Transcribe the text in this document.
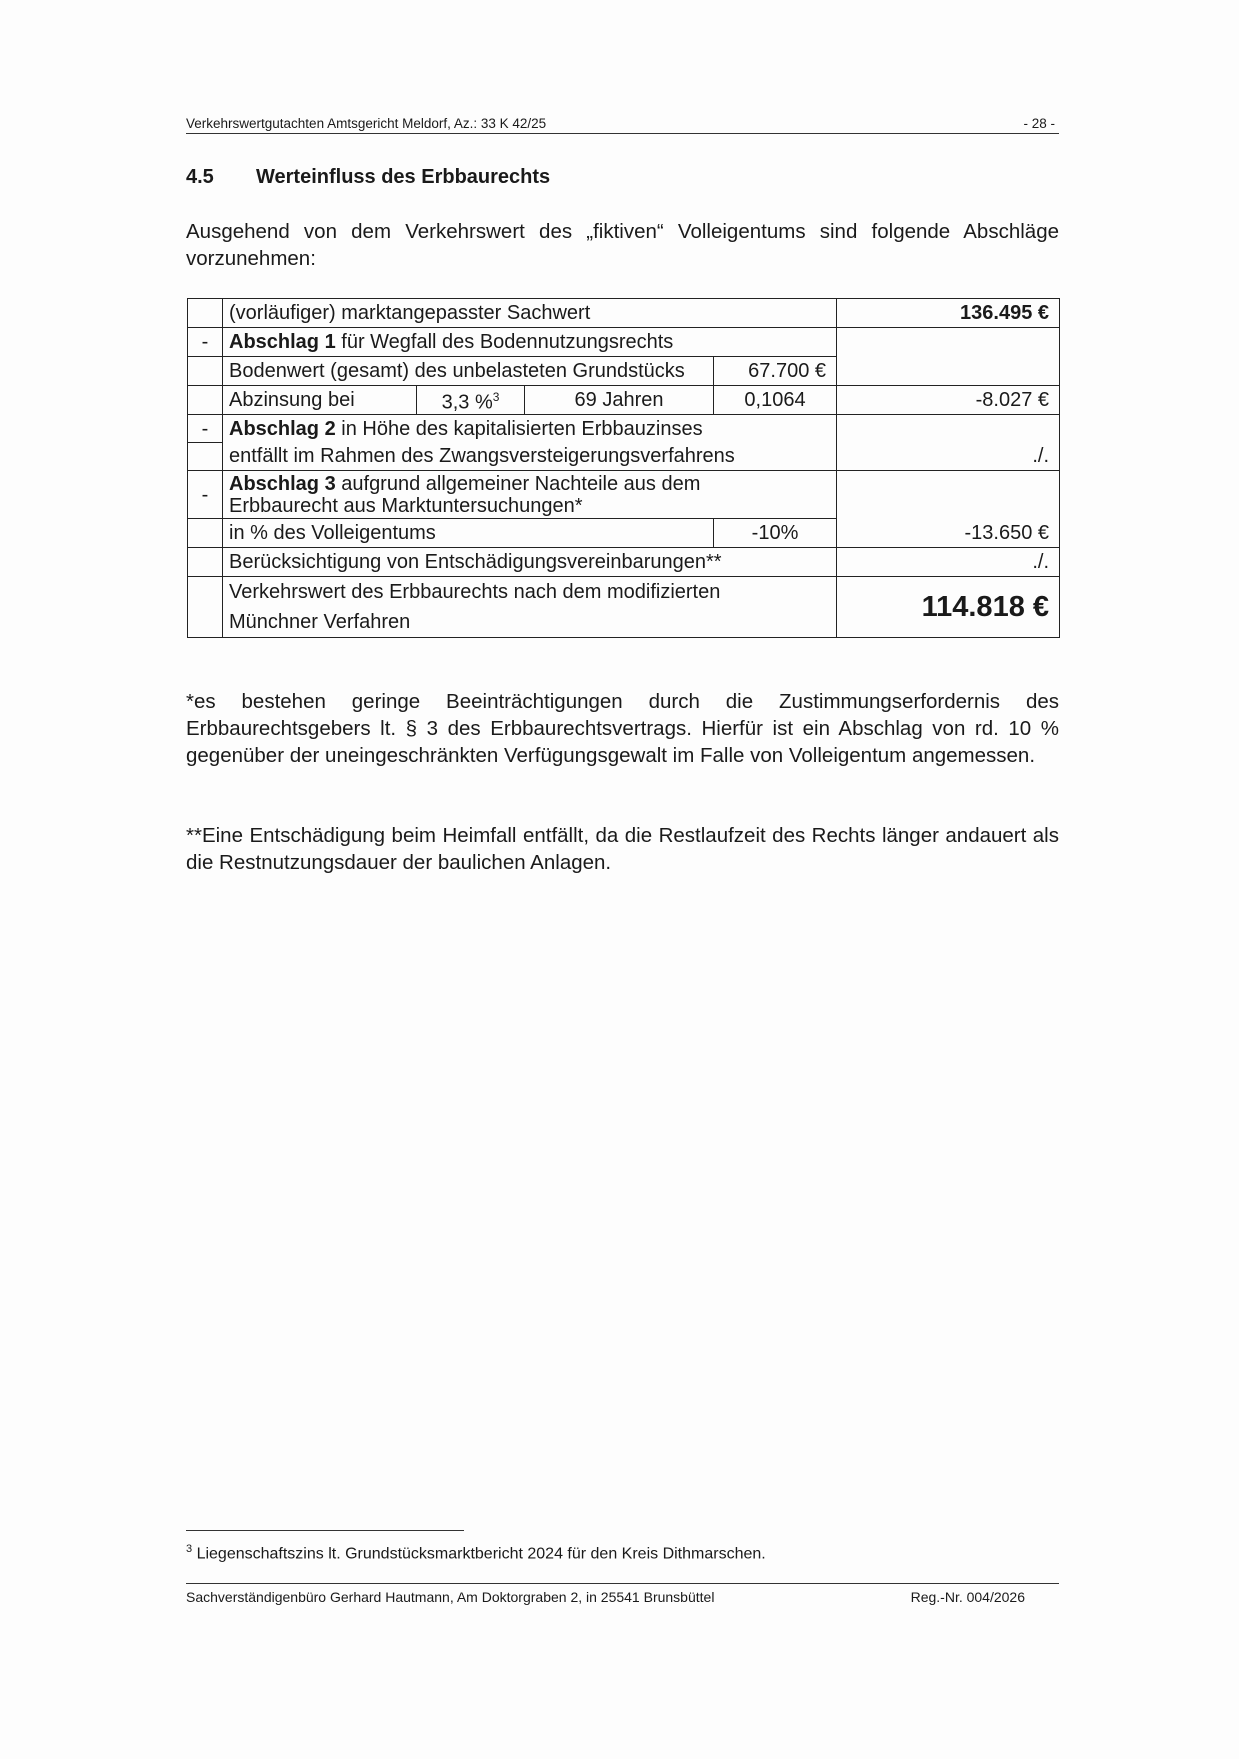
Verkehrswertgutachten Amtsgericht Meldorf, Az.: 33 K 42/25	- 28 -
4.5 Werteinfluss des Erbbaurechts

Ausgehend von dem Verkehrswert des „fiktiven“ Volleigentums sind folgende Abschläge vorzunehmen:

	(vorläufiger) marktangepasster Sachwert				136.495 €
-	Abschlag 1 für Wegfall des Bodennutzungsrechts				
	Bodenwert (gesamt) des unbelasteten Grundstücks			67.700 €	
	Abzinsung bei	3,3 %$^3$	69 Jahren	0,1064	-8.027 €
-	Abschlag 2 in Höhe des kapitalisierten Erbbauzinses				
	entfällt im Rahmen des Zwangsversteigerungsverfahrens				./.
-	Abschlag 3 aufgrund allgemeiner Nachteile aus dem
Erbbaurecht aus Marktuntersuchungen*				
	in % des Volleigentums			-10%	-13.650 €
	Berücksichtigung von Entschädigungsvereinbarungen**				./.
	Verkehrswert des Erbbaurechts nach dem modifizierten
Münchner Verfahren				114.818 €

*es bestehen geringe Beeinträchtigungen durch die Zustimmungserfordernis des Erbbaurechtsgebers lt. § 3 des Erbbaurechtsvertrags. Hierfür ist ein Abschlag von rd. 10 % gegenüber der uneingeschränkten Verfügungsgewalt im Falle von Volleigentum angemessen.

**Eine Entschädigung beim Heimfall entfällt, da die Restlaufzeit des Rechts länger andauert als die Restnutzungsdauer der baulichen Anlagen.

$^3$ Liegenschaftszins lt. Grundstücksmarktbericht 2024 für den Kreis Dithmarschen.
Sachverständigenbüro Gerhard Hautmann, Am Doktorgraben 2, in 25541 Brunsbüttel	Reg.-Nr. 004/2026
